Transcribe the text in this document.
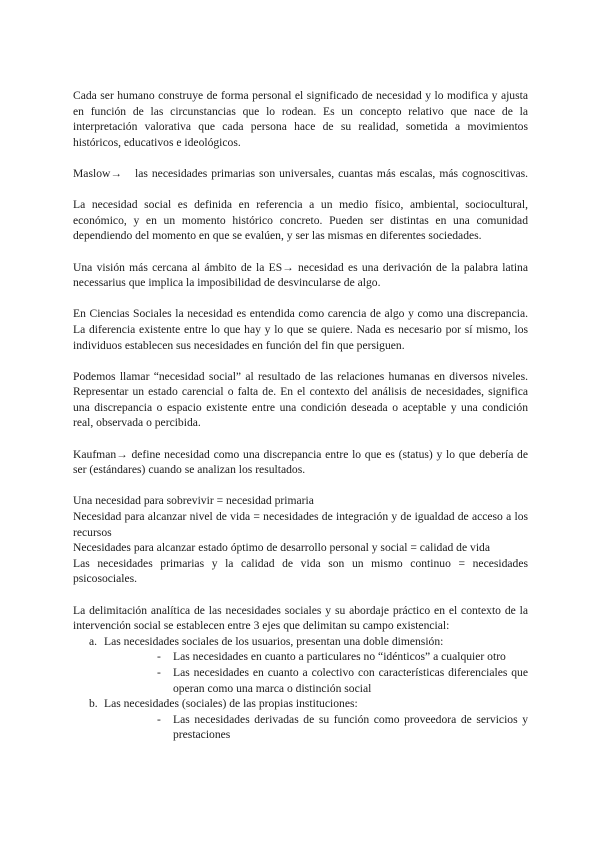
Cada ser humano construye de forma personal el significado de necesidad y lo modifica y ajusta en función de las circunstancias que lo rodean. Es un concepto relativo que nace de la interpretación valorativa que cada persona hace de su realidad, sometida a movimientos históricos, educativos e ideológicos.

Maslow→	las necesidades primarias son universales, cuantas más escalas, más cognoscitivas.

La necesidad social es definida en referencia a un medio físico, ambiental, sociocultural, económico, y en un momento histórico concreto. Pueden ser distintas en una comunidad dependiendo del momento en que se evalúen, y ser las mismas en diferentes sociedades.

Una visión más cercana al ámbito de la ES→ necesidad es una derivación de la palabra latina necessarius que implica la imposibilidad de desvincularse de algo.

En Ciencias Sociales la necesidad es entendida como carencia de algo y como una discrepancia. La diferencia existente entre lo que hay y lo que se quiere. Nada es necesario por sí mismo, los individuos establecen sus necesidades en función del fin que persiguen.

Podemos llamar “necesidad social” al resultado de las relaciones humanas en diversos niveles. Representar un estado carencial o falta de. En el contexto del análisis de necesidades, significa una discrepancia o espacio existente entre una condición deseada o aceptable y una condición real, observada o percibida.

Kaufman→ define necesidad como una discrepancia entre lo que es (status) y lo que debería de ser (estándares) cuando se analizan los resultados.

Una necesidad para sobrevivir = necesidad primaria

Necesidad para alcanzar nivel de vida = necesidades de integración y de igualdad de acceso a los recursos

Necesidades para alcanzar estado óptimo de desarrollo personal y social = calidad de vida

Las necesidades primarias y la calidad de vida son un mismo continuo = necesidades psicosociales.

La delimitación analítica de las necesidades sociales y su abordaje práctico en el contexto de la intervención social se establecen entre 3 ejes que delimitan su campo existencial:

a. Las necesidades sociales de los usuarios, presentan una doble dimensión:
- Las necesidades en cuanto a particulares no “idénticos” a cualquier otro
- Las necesidades en cuanto a colectivo con características diferenciales que operan como una marca o distinción social
b. Las necesidades (sociales) de las propias instituciones:
- Las necesidades derivadas de su función como proveedora de servicios y prestaciones
